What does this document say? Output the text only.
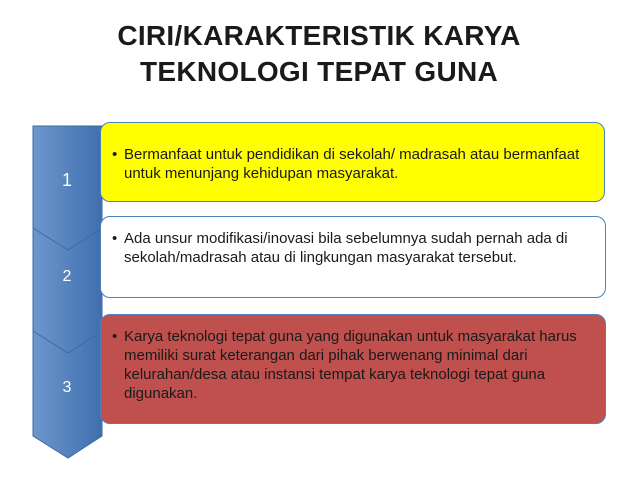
CIRI/KARAKTERISTIK KARYA
TEKNOLOGI TEPAT GUNA
1
2
3
• Bermanfaat untuk pendidikan di sekolah/ madrasah atau bermanfaat untuk menunjang kehidupan masyarakat.
• Ada unsur modifikasi/inovasi bila sebelumnya sudah pernah ada di sekolah/madrasah atau di lingkungan masyarakat tersebut.
• Karya teknologi tepat guna yang digunakan untuk masyarakat harus memiliki surat keterangan dari pihak berwenang minimal dari kelurahan/desa atau instansi tempat karya teknologi tepat guna digunakan.
